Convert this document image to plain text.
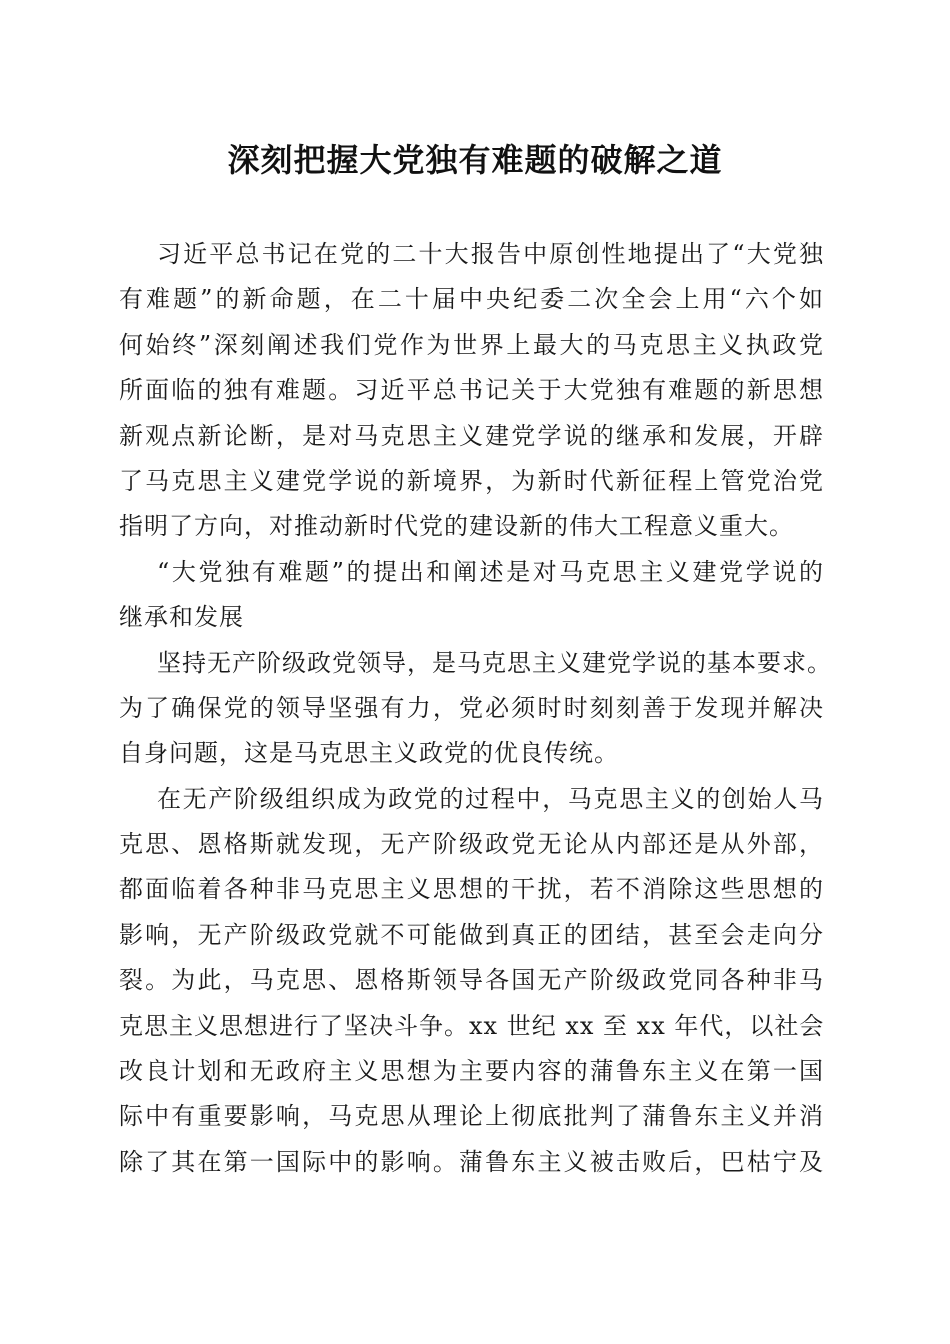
深刻把握大党独有难题的破解之道
习近平总书记在党的二十大报告中原创性地提出了“大党独
有难题”的新命题，在二十届中央纪委二次全会上用“六个如
何始终”深刻阐述我们党作为世界上最大的马克思主义执政党
所面临的独有难题。习近平总书记关于大党独有难题的新思想
新观点新论断，是对马克思主义建党学说的继承和发展，开辟
了马克思主义建党学说的新境界，为新时代新征程上管党治党
指明了方向，对推动新时代党的建设新的伟大工程意义重大。
“大党独有难题”的提出和阐述是对马克思主义建党学说的
继承和发展
坚持无产阶级政党领导，是马克思主义建党学说的基本要求。
为了确保党的领导坚强有力，党必须时时刻刻善于发现并解决
自身问题，这是马克思主义政党的优良传统。
在无产阶级组织成为政党的过程中，马克思主义的创始人马
克思、恩格斯就发现，无产阶级政党无论从内部还是从外部，
都面临着各种非马克思主义思想的干扰，若不消除这些思想的
影响，无产阶级政党就不可能做到真正的团结，甚至会走向分
裂。为此，马克思、恩格斯领导各国无产阶级政党同各种非马
克思主义思想进行了坚决斗争。xx 世纪 xx 至 xx 年代，以社会
改良计划和无政府主义思想为主要内容的蒲鲁东主义在第一国
际中有重要影响，马克思从理论上彻底批判了蒲鲁东主义并消
除了其在第一国际中的影响。蒲鲁东主义被击败后，巴枯宁及
